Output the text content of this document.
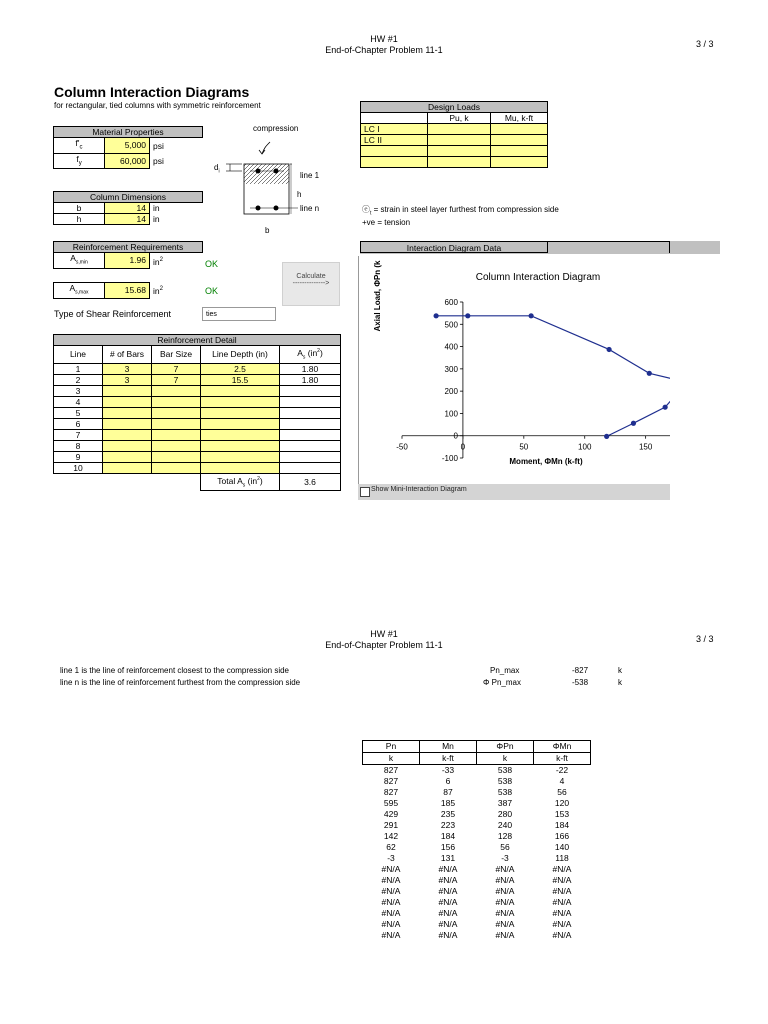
HW #1
End-of-Chapter Problem 11-1
3 / 3
Column Interaction Diagrams
for rectangular, tied columns with symmetric reinforcement
Material Properties		
$f'_c$	5,000	psi
$f_y$	60,000	psi
Column Dimensions		
b	14	in
h	14	in
Reinforcement Requirements
$A_{s,min}$	1.96	$in^2$	OK
$A_{s,max}$	15.68	$in^2$	OK
Type of Shear Reinforcement	ties
Calculate
-------------->
compression
$d_i$	line 1
h
line n
b
Design Loads		
	Pu, k	Mu, k-ft
LC I		
LC II		

$ⓔ_t$ = strain in steel layer furthest from compression side
+ve = tension
Interaction Diagram Data
Column Interaction Diagram
Axial Load, ΦPn (k
Moment, ΦMn (k-ft)
-100
0
100
200
300
400
500
600
-50	0	50	100	150
Show Mini-Interaction Diagram
Reinforcement Detail				
Line	# of Bars	Bar Size	Line Depth (in)	$A_s$ $(in^2)$
1	3	7	2.5	1.80
2	3	7	15.5	1.80
3				
4				
5				
6				
7				
8				
9				
10				
			Total $A_s$ $(in^2)$	3.6
HW #1
End-of-Chapter Problem 11-1
3 / 3
line 1 is the line of reinforcement closest to the compression side
line n is the line of reinforcement furthest from the compression side
Pn_max	-827	k
Φ Pn_max	-538	k
Pn	Mn	ΦPn	ΦMn
k	k-ft	k	k-ft
827	-33	538	-22
827	6	538	4
827	87	538	56
595	185	387	120
429	235	280	153
291	223	240	184
142	184	128	166
62	156	56	140
-3	131	-3	118
#N/A	#N/A	#N/A	#N/A
#N/A	#N/A	#N/A	#N/A
#N/A	#N/A	#N/A	#N/A
#N/A	#N/A	#N/A	#N/A
#N/A	#N/A	#N/A	#N/A
#N/A	#N/A	#N/A	#N/A
#N/A	#N/A	#N/A	#N/A
